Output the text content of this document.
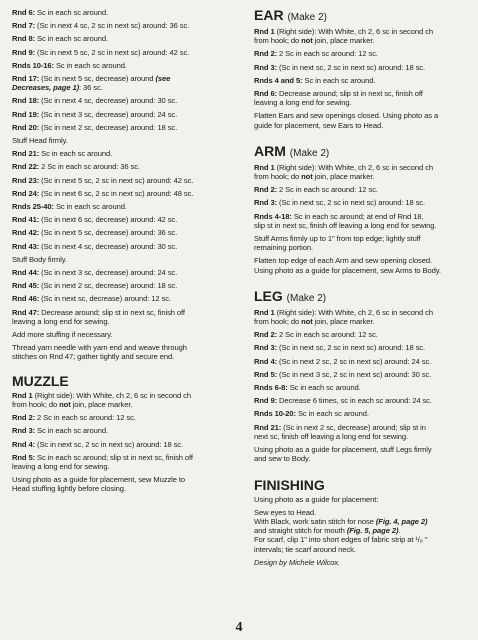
Rnd 6: Sc in each sc around.
Rnd 7: (Sc in next 4 sc, 2 sc in next sc) around: 36 sc.
Rnd 8: Sc in each sc around.
Rnd 9: (Sc in next 5 sc, 2 sc in next sc) around: 42 sc.
Rnds 10-16: Sc in each sc around.
Rnd 17: (Sc in next 5 sc, decrease) around (see
Decreases, page 1): 36 sc.
Rnd 18: (Sc in next 4 sc, decrease) around: 30 sc.
Rnd 19: (Sc in next 3 sc, decrease) around: 24 sc.
Rnd 20: (Sc in next 2 sc, decrease) around: 18 sc.
Stuff Head firmly.
Rnd 21: Sc in each sc around.
Rnd 22: 2 Sc in each sc around: 36 sc.
Rnd 23: (Sc in next 5 sc, 2 sc in next sc) around: 42 sc.
Rnd 24: (Sc in next 6 sc, 2 sc in next sc) around: 48 sc.
Rnds 25-40: Sc in each sc around.
Rnd 41: (Sc in next 6 sc, decrease) around: 42 sc.
Rnd 42: (Sc in next 5 sc, decrease) around: 36 sc.
Rnd 43: (Sc in next 4 sc, decrease) around: 30 sc.
Stuff Body firmly.
Rnd 44: (Sc in next 3 sc, decrease) around: 24 sc.
Rnd 45: (Sc in next 2 sc, decrease) around: 18 sc.
Rnd 46: (Sc in next sc, decrease) around: 12 sc.
Rnd 47: Decrease around; slip st in next sc, finish off
leaving a long end for sewing.
Add more stuffing if necessary.
Thread yarn needle with yarn end and weave through
stitches on Rnd 47; gather tightly and secure end.
MUZZLE
Rnd 1 (Right side): With White, ch 2, 6 sc in second ch
from hook; do not join, place marker.
Rnd 2: 2 Sc in each sc around: 12 sc.
Rnd 3: Sc in each sc around.
Rnd 4: (Sc in next sc, 2 sc in next sc) around: 18 sc.
Rnd 5: Sc in each sc around; slip st in next sc, finish off
leaving a long end for sewing.
Using photo as a guide for placement, sew Muzzle to
Head stuffing lightly before closing.
EAR (Make 2)
Rnd 1 (Right side): With White, ch 2, 6 sc in second ch
from hook; do not join, place marker.
Rnd 2: 2 Sc in each sc around: 12 sc.
Rnd 3: (Sc in next sc, 2 sc in next sc) around: 18 sc.
Rnds 4 and 5: Sc in each sc around.
Rnd 6: Decrease around; slip st in next sc, finish off
leaving a long end for sewing.
Flatten Ears and sew openings closed. Using photo as a
guide for placement, sew Ears to Head.
ARM (Make 2)
Rnd 1 (Right side): With White, ch 2, 6 sc in second ch
from hook; do not join, place marker.
Rnd 2: 2 Sc in each sc around: 12 sc.
Rnd 3: (Sc in next sc, 2 sc in next sc) around: 18 sc.
Rnds 4-18: Sc in each sc around; at end of Rnd 18,
slip st in next sc, finish off leaving a long end for sewing.
Stuff Arms firmly up to 1" from top edge; lightly stuff
remaining portion.
Flatten top edge of each Arm and sew opening closed.
Using photo as a guide for placement, sew Arms to Body.
LEG (Make 2)
Rnd 1 (Right side): With White, ch 2, 6 sc in second ch
from hook; do not join, place marker.
Rnd 2: 2 Sc in each sc around: 12 sc.
Rnd 3: (Sc in next sc, 2 sc in next sc) around: 18 sc.
Rnd 4: (Sc in next 2 sc, 2 sc in next sc) around: 24 sc.
Rnd 5: (Sc in next 3 sc, 2 sc in next sc) around: 30 sc.
Rnds 6-8: Sc in each sc around.
Rnd 9: Decrease 6 times, sc in each sc around: 24 sc.
Rnds 10-20: Sc in each sc around.
Rnd 21: (Sc in next 2 sc, decrease) around; slip st in
next sc, finish off leaving a long end for sewing.
Using photo as a guide for placement, stuff Legs firmly
and sew to Body.
FINISHING
Using photo as a guide for placement:
Sew eyes to Head.
With Black, work satin stitch for nose (Fig. 4, page 2)
and straight stitch for mouth (Fig. 5, page 2).
For scarf, clip 1" into short edges of fabric strip at ¹/₈ "
intervals; tie scarf around neck.
Design by Michele Wilcox.
4
